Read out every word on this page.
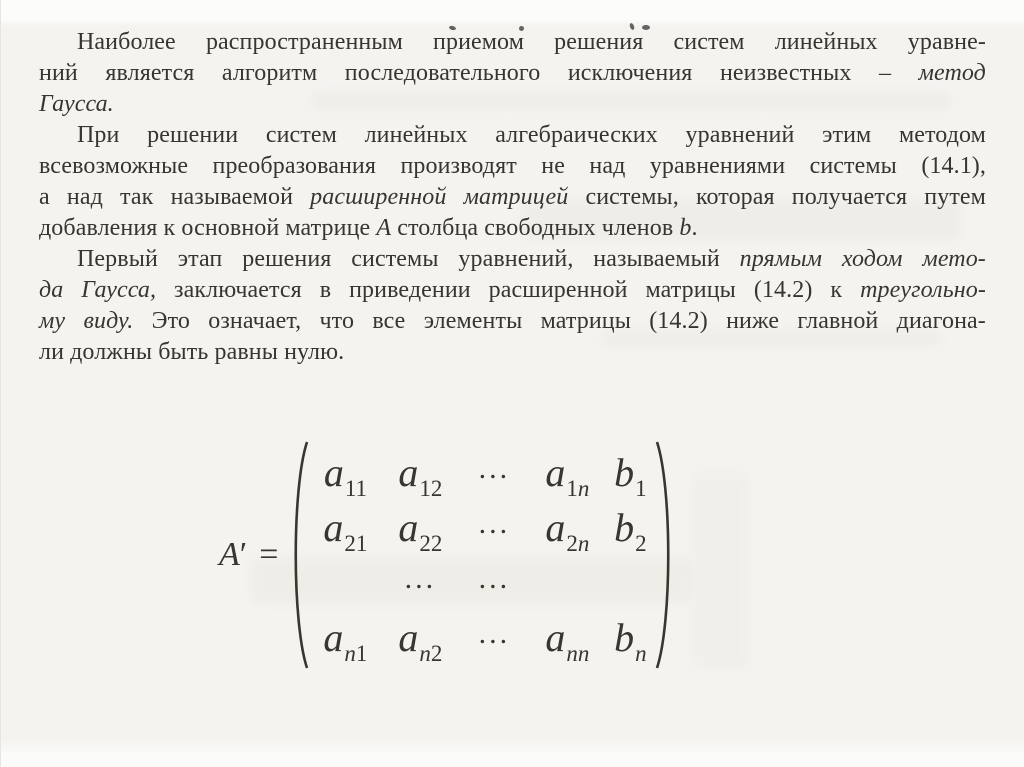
Наиболее распространенным приемом решения систем линейных уравне-
ний является алгоритм последовательного исключения неизвестных – метод
Гаусса.
При решении систем линейных алгебраических уравнений этим методом
всевозможные преобразования производят не над уравнениями системы (14.1),
а над так называемой расширенной матрицей системы, которая получается путем
добавления к основной матрице А столбца свободных членов b.
Первый этап решения системы уравнений, называемый прямым ходом мето-
да Гаусса, заключается в приведении расширенной матрицы (14.2) к треугольно-
му виду. Это означает, что все элементы матрицы (14.2) ниже главной диагона-
ли должны быть равны нулю.
A ′ =
a 11 a 12
... a 1n b 1
a 21 a 22
... a 2n b 2
... ...
a n1 a n2
... a nn b n
